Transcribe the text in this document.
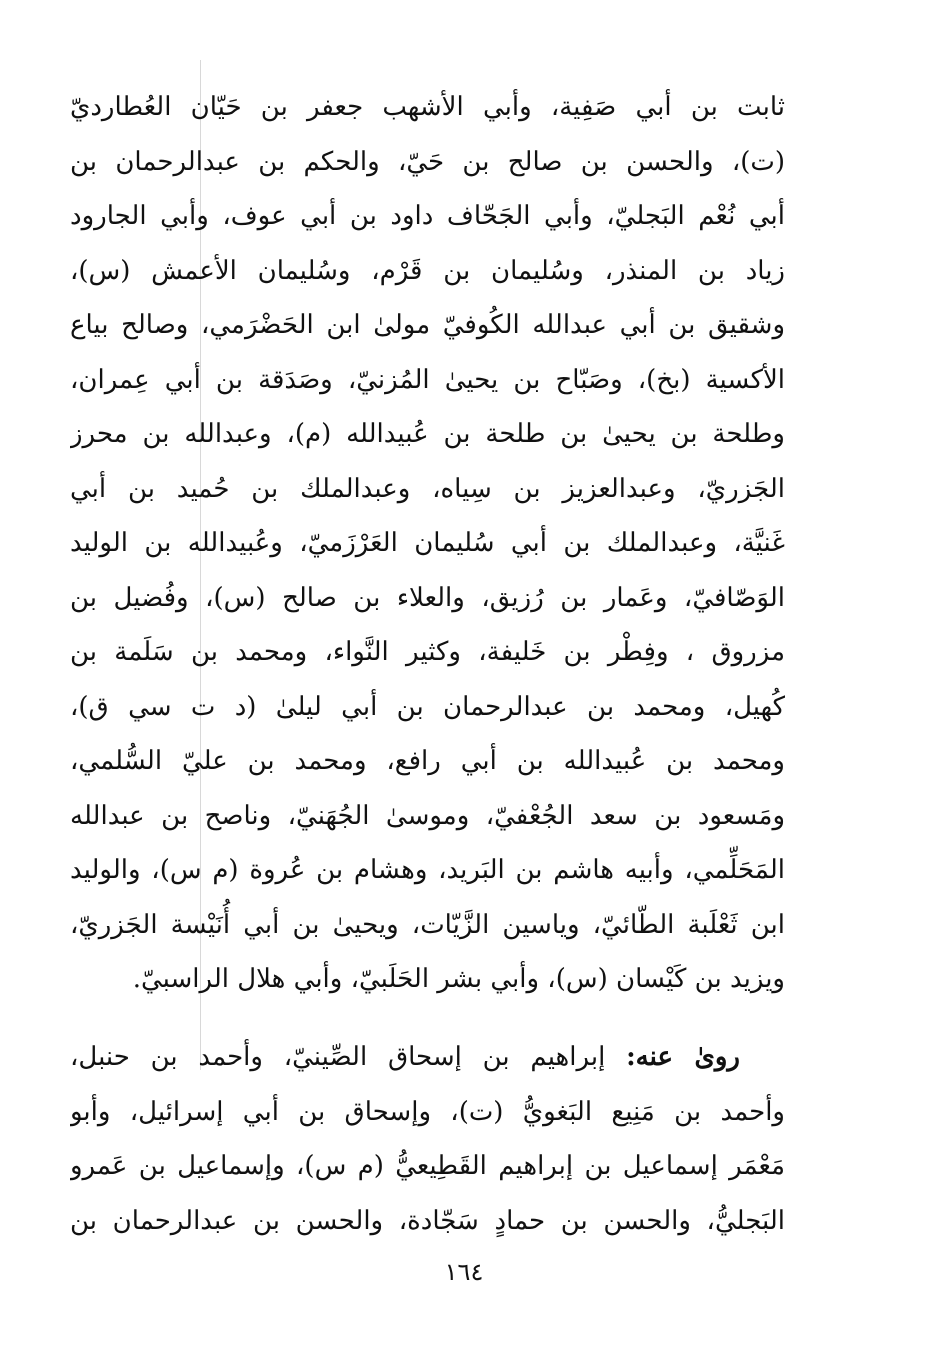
ثابت بن أبي صَفِية، وأبي الأشهب جعفر بن حَيّان العُطارديّ
(ت)، والحسن بن صالح بن حَيّ، والحكم بن عبدالرحمان بن
أبي نُعْم البَجليّ، وأبي الجَحّاف داود بن أبي عوف، وأبي الجارود
زياد بن المنذر، وسُليمان بن قَرْم، وسُليمان الأعمش (س)،
وشقيق بن أبي عبدالله الكُوفيّ مولىٰ ابن الحَضْرَمي، وصالح بياع
الأكسية (بخ)، وصَبّاح بن يحيىٰ المُزنيّ، وصَدَقة بن أبي عِمران،
وطلحة بن يحيىٰ بن طلحة بن عُبيدالله (م)، وعبدالله بن محرز
الجَزريّ، وعبدالعزيز بن سِياه، وعبدالملك بن حُميد بن أبي
غَنيَّة، وعبدالملك بن أبي سُليمان العَرْزَميّ، وعُبيدالله بن الوليد
الوَصّافيّ، وعَمار بن رُزيق، والعلاء بن صالح (س)، وفُضيل بن
مزروق ، وفِطْر بن خَليفة، وكثير النَّواء، ومحمد بن سَلَمة بن
كُهيل، ومحمد بن عبدالرحمان بن أبي ليلىٰ (د ت سي ق)،
ومحمد بن عُبيدالله بن أبي رافع، ومحمد بن عليّ السُّلمي،
ومَسعود بن سعد الجُعْفيّ، وموسىٰ الجُهَنيّ، وناصح بن عبدالله
المَحَلِّمي، وأبيه هاشم بن البَريد، وهشام بن عُروة (م س)، والوليد
ابن ثَعْلَبة الطّائيّ، وياسين الزَّيّات، ويحيىٰ بن أبي أُنَيْسة الجَزريّ،
ويزيد بن كَيْسان (س)، وأبي بشر الحَلَبيّ، وأبي هلال الراسبيّ.
روىٰ عنه: إبراهيم بن إسحاق الصِّينيّ، وأحمد بن حنبل،
وأحمد بن مَنِيع البَغويُّ (ت)، وإسحاق بن أبي إسرائيل، وأبو
مَعْمَر إسماعيل بن إبراهيم القَطِيعيُّ (م س)، وإسماعيل بن عَمرو
البَجليُّ، والحسن بن حمادٍ سَجّادة، والحسن بن عبدالرحمان بن
١٦٤
